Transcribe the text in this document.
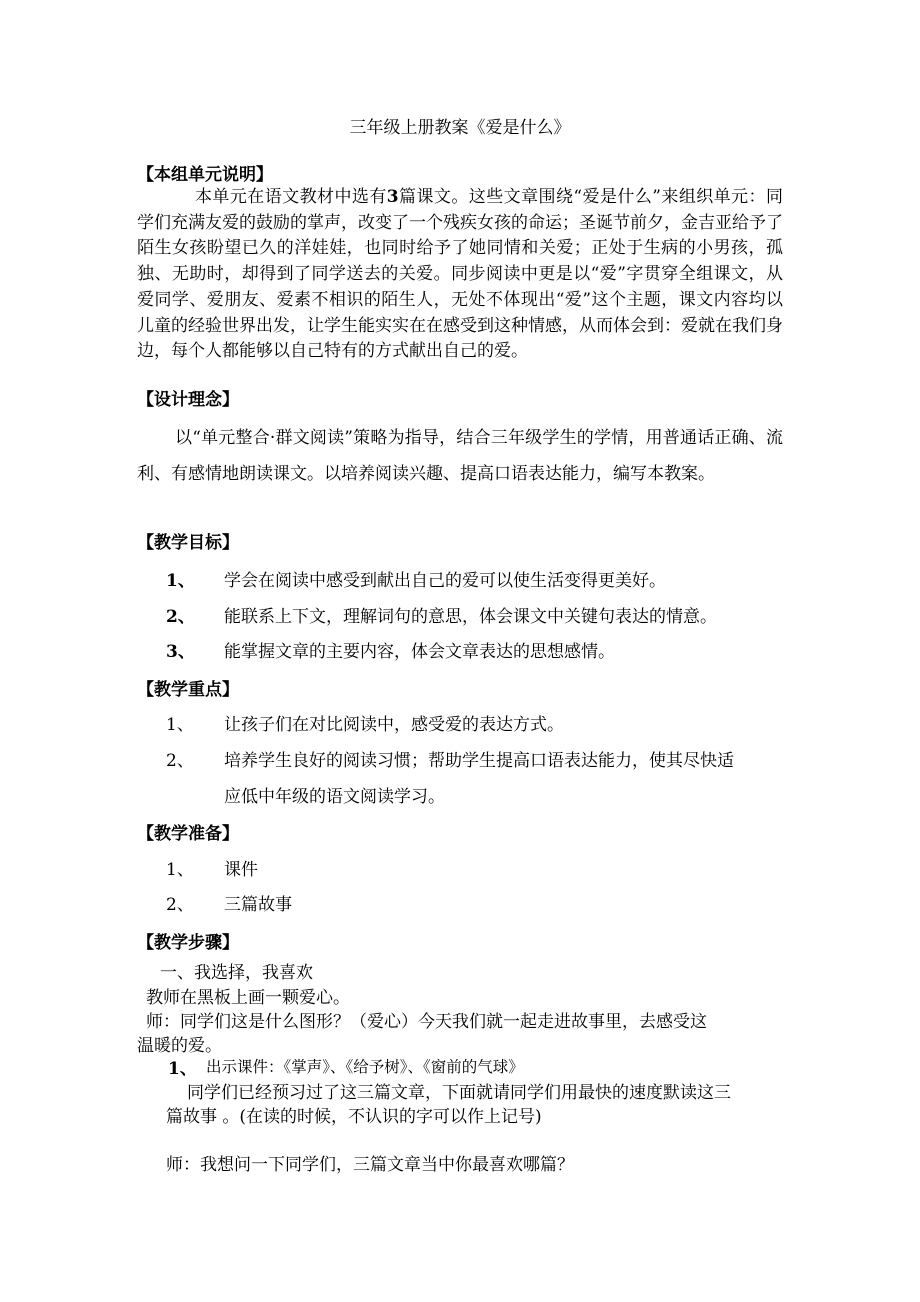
三年级上册教案《爱是什么》
【本组单元说明】
本单元在语文教材中选有3篇课文。这些文章围绕“爱是什么”来组织单元：同学们充满友爱的鼓励的掌声，改变了一个残疾女孩的命运；圣诞节前夕，金吉亚给予了陌生女孩盼望已久的洋娃娃，也同时给予了她同情和关爱；正处于生病的小男孩，孤独、无助时，却得到了同学送去的关爱。同步阅读中更是以“爱”字贯穿全组课文，从爱同学、爱朋友、爱素不相识的陌生人，无处不体现出“爱”这个主题，课文内容均以儿童的经验世界出发，让学生能实实在在感受到这种情感，从而体会到：爱就在我们身边，每个人都能够以自己特有的方式献出自己的爱。
【设计理念】
以“单元整合·群文阅读”策略为指导，结合三年级学生的学情，用普通话正确、流利、有感情地朗读课文。以培养阅读兴趣、提高口语表达能力，编写本教案。
【教学目标】
1、 学会在阅读中感受到献出自己的爱可以使生活变得更美好。
2、 能联系上下文，理解词句的意思，体会课文中关键句表达的情意。
3、 能掌握文章的主要内容，体会文章表达的思想感情。
【教学重点】
1、 让孩子们在对比阅读中，感受爱的表达方式。
2、 培养学生良好的阅读习惯；帮助学生提高口语表达能力，使其尽快适
应低中年级的语文阅读学习。
【教学准备】
1、 课件
2、 三篇故事
【教学步骤】
一、我选择，我喜欢
教师在黑板上画一颗爱心。
师：同学们这是什么图形？（爱心）今天我们就一起走进故事里，去感受这
温暖的爱。
1、 出示课件：《掌声》、《给予树》、《窗前的气球》
同学们已经预习过了这三篇文章，下面就请同学们用最快的速度默读这三
篇故事 。(在读的时候，不认识的字可以作上记号)
师：我想问一下同学们，三篇文章当中你最喜欢哪篇？
